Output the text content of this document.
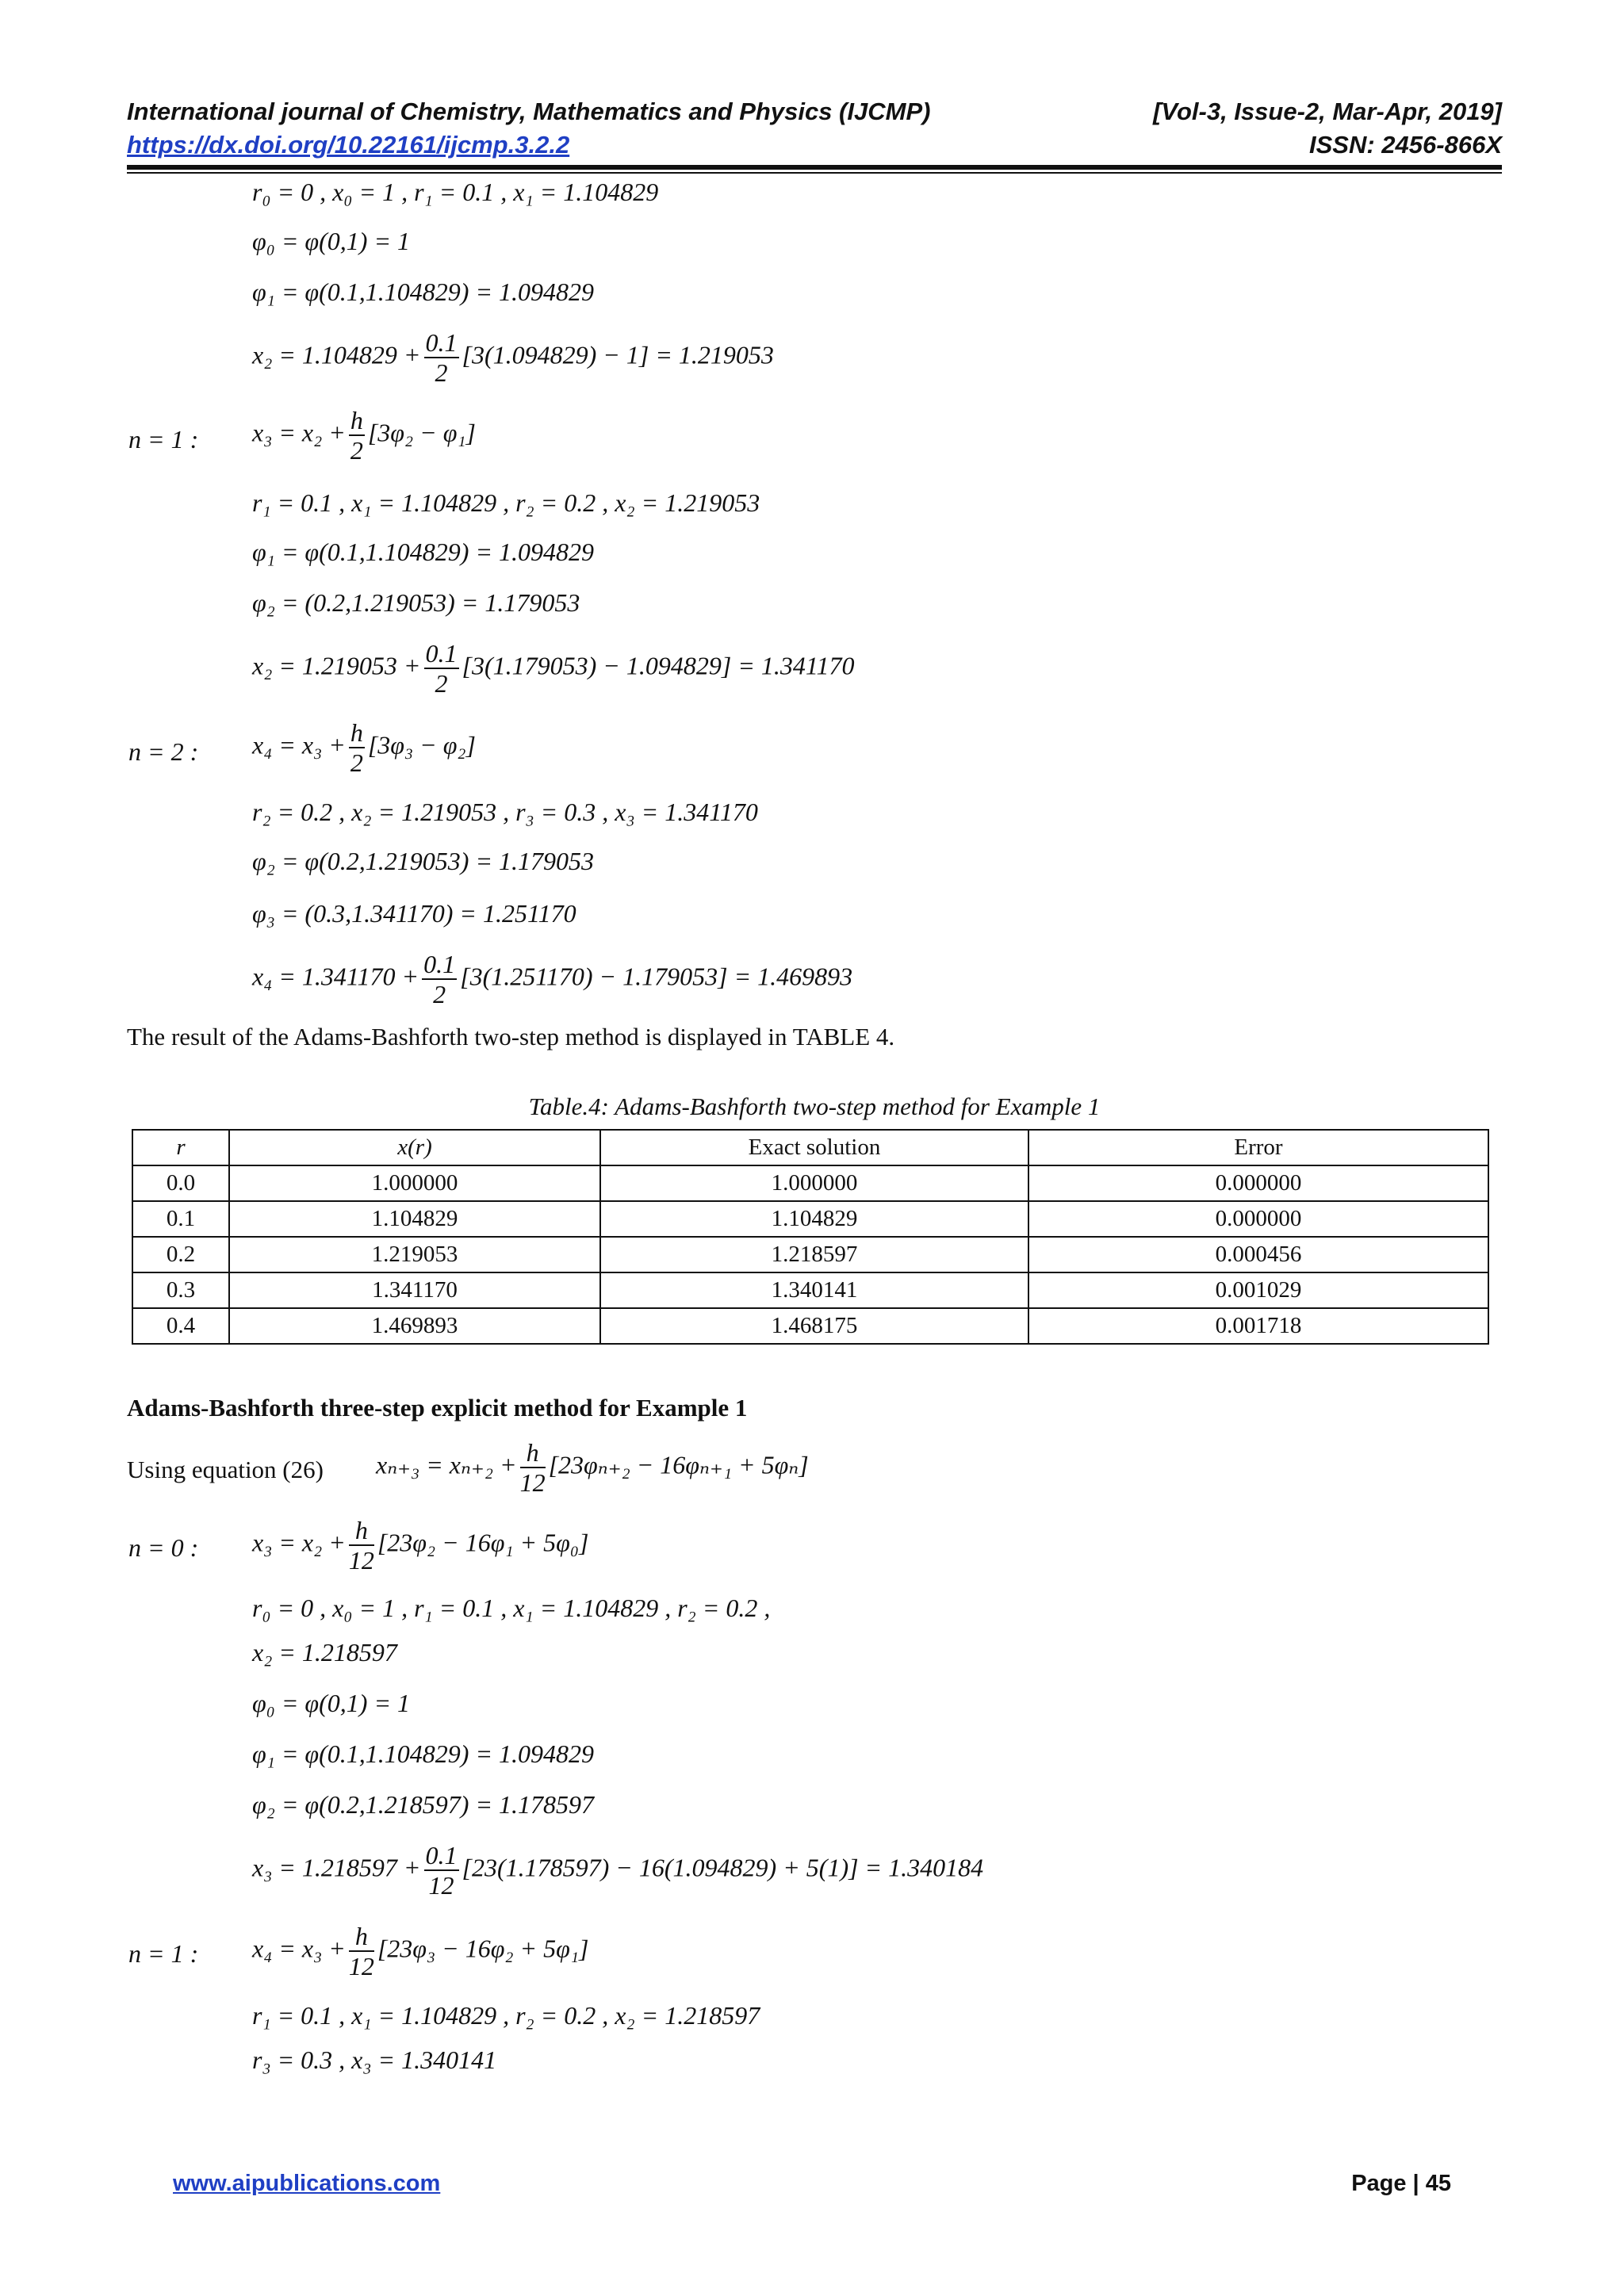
International journal of Chemistry, Mathematics and Physics (IJCMP)	[Vol-3, Issue-2, Mar-Apr, 2019]
https://dx.doi.org/10.22161/ijcmp.3.2.2	ISSN: 2456-866X
r₀ = 0 , x₀ = 1 , r₁ = 0.1 , x₁ = 1.104829
φ₀ = φ(0,1) = 1
φ₁ = φ(0.1,1.104829) = 1.094829
$x_2 = 1.104829 + \frac{0.1}{2} [3(1.094829) - 1] = 1.219053$
n = 1 : $x_3 = x_2 + \frac{h}{2} [3\varphi_2 - \varphi_1]$
r₁ = 0.1 , x₁ = 1.104829 , r₂ = 0.2 , x₂ = 1.219053
φ₁ = φ(0.1,1.104829) = 1.094829
φ₂ = (0.2,1.219053) = 1.179053
$x_2 = 1.219053 + \frac{0.1}{2} [3(1.179053) - 1.094829] = 1.341170$
n = 2 : $x_4 = x_3 + \frac{h}{2} [3\varphi_3 - \varphi_2]$
r₂ = 0.2 , x₂ = 1.219053 , r₃ = 0.3 , x₃ = 1.341170
φ₂ = φ(0.2,1.219053) = 1.179053
φ₃ = (0.3,1.341170) = 1.251170
$x_4 = 1.341170 + \frac{0.1}{2} [3(1.251170) - 1.179053] = 1.469893$
The result of the Adams-Bashforth two-step method is displayed in TABLE 4.
Table.4: Adams-Bashforth two-step method for Example 1
r	x(r)	Exact solution	Error
0.0	1.000000	1.000000	0.000000
0.1	1.104829	1.104829	0.000000
0.2	1.219053	1.218597	0.000456
0.3	1.341170	1.340141	0.001029
0.4	1.469893	1.468175	0.001718
Adams-Bashforth three-step explicit method for Example 1
Using equation (26) $x_{n+3} = x_{n+2} + \frac{h}{12} [23\varphi_{n+2} - 16\varphi_{n+1} + 5\varphi_n]$
n = 0 : $x_3 = x_2 + \frac{h}{12} [23\varphi_2 - 16\varphi_1 + 5\varphi_0]$
r₀ = 0 , x₀ = 1 , r₁ = 0.1 , x₁ = 1.104829 , r₂ = 0.2 ,
x₂ = 1.218597
φ₀ = φ(0,1) = 1
φ₁ = φ(0.1,1.104829) = 1.094829
φ₂ = φ(0.2,1.218597) = 1.178597
$x_3 = 1.218597 + \frac{0.1}{12} [23(1.178597) - 16(1.094829) + 5(1)] = 1.340184$
n = 1 : $x_4 = x_3 + \frac{h}{12} [23\varphi_3 - 16\varphi_2 + 5\varphi_1]$
r₁ = 0.1 , x₁ = 1.104829 , r₂ = 0.2 , x₂ = 1.218597
r₃ = 0.3 , x₃ = 1.340141
www.aipublications.com	Page | 45
